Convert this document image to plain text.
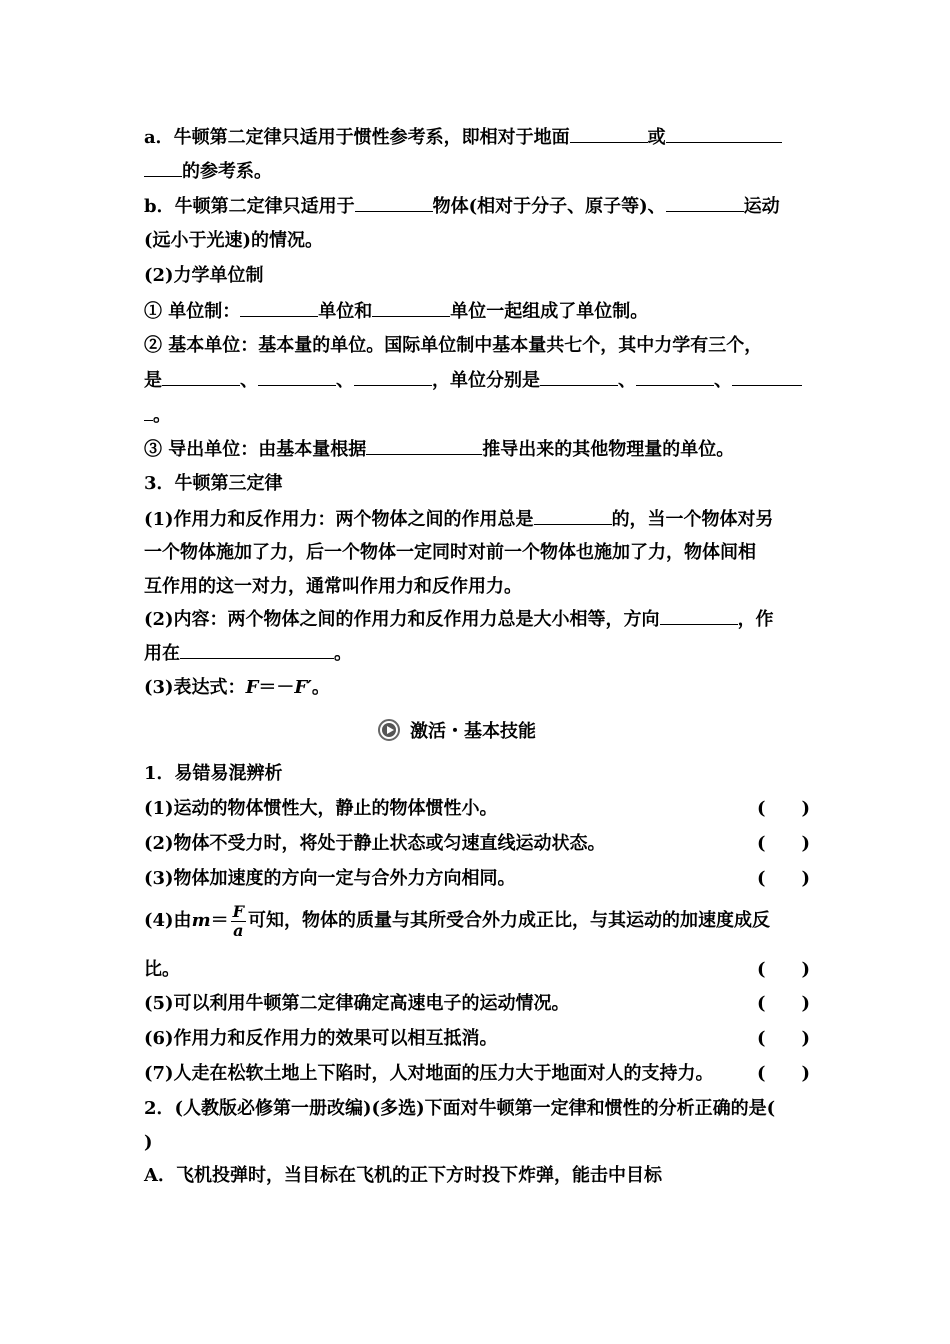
a．牛顿第二定律只适用于惯性参考系，即相对于地面	或
的参考系。
b．牛顿第二定律只适用于	物体(相对于分子、原子等)、	运动
(远小于光速)的情况。
(2)力学单位制
① 单位制：	单位和	单位一起组成了单位制。
② 基本单位：基本量的单位。国际单位制中基本量共七个，其中力学有三个，
是	、	、	，单位分别是	、	、
。
③ 导出单位：由基本量根据	推导出来的其他物理量的单位。
3．牛顿第三定律
(1)作用力和反作用力：两个物体之间的作用总是	的，当一个物体对另
一个物体施加了力，后一个物体一定同时对前一个物体也施加了力，物体间相
互作用的这一对力，通常叫作用力和反作用力。
(2)内容：两个物体之间的作用力和反作用力总是大小相等，方向	，作
用在	。
(3)表达式：F＝－F′。
激活・基本技能
1．易错易混辨析
(1)运动的物体惯性大，静止的物体惯性小。	(　　)
(2)物体不受力时，将处于静止状态或匀速直线运动状态。	(　　)
(3)物体加速度的方向一定与合外力方向相同。	(　　)
(4)由$m= \frac{F}{a}$ 可知，物体的质量与其所受合外力成正比，与其运动的加速度成反
比。	(　　)
(5)可以利用牛顿第二定律确定高速电子的运动情况。	(　　)
(6)作用力和反作用力的效果可以相互抵消。	(　　)
(7)人走在松软土地上下陷时，人对地面的压力大于地面对人的支持力。 (　　)
2．(人教版必修第一册改编)(多选)下面对牛顿第一定律和惯性的分析正确的是(
)
A．飞机投弹时，当目标在飞机的正下方时投下炸弹，能击中目标
